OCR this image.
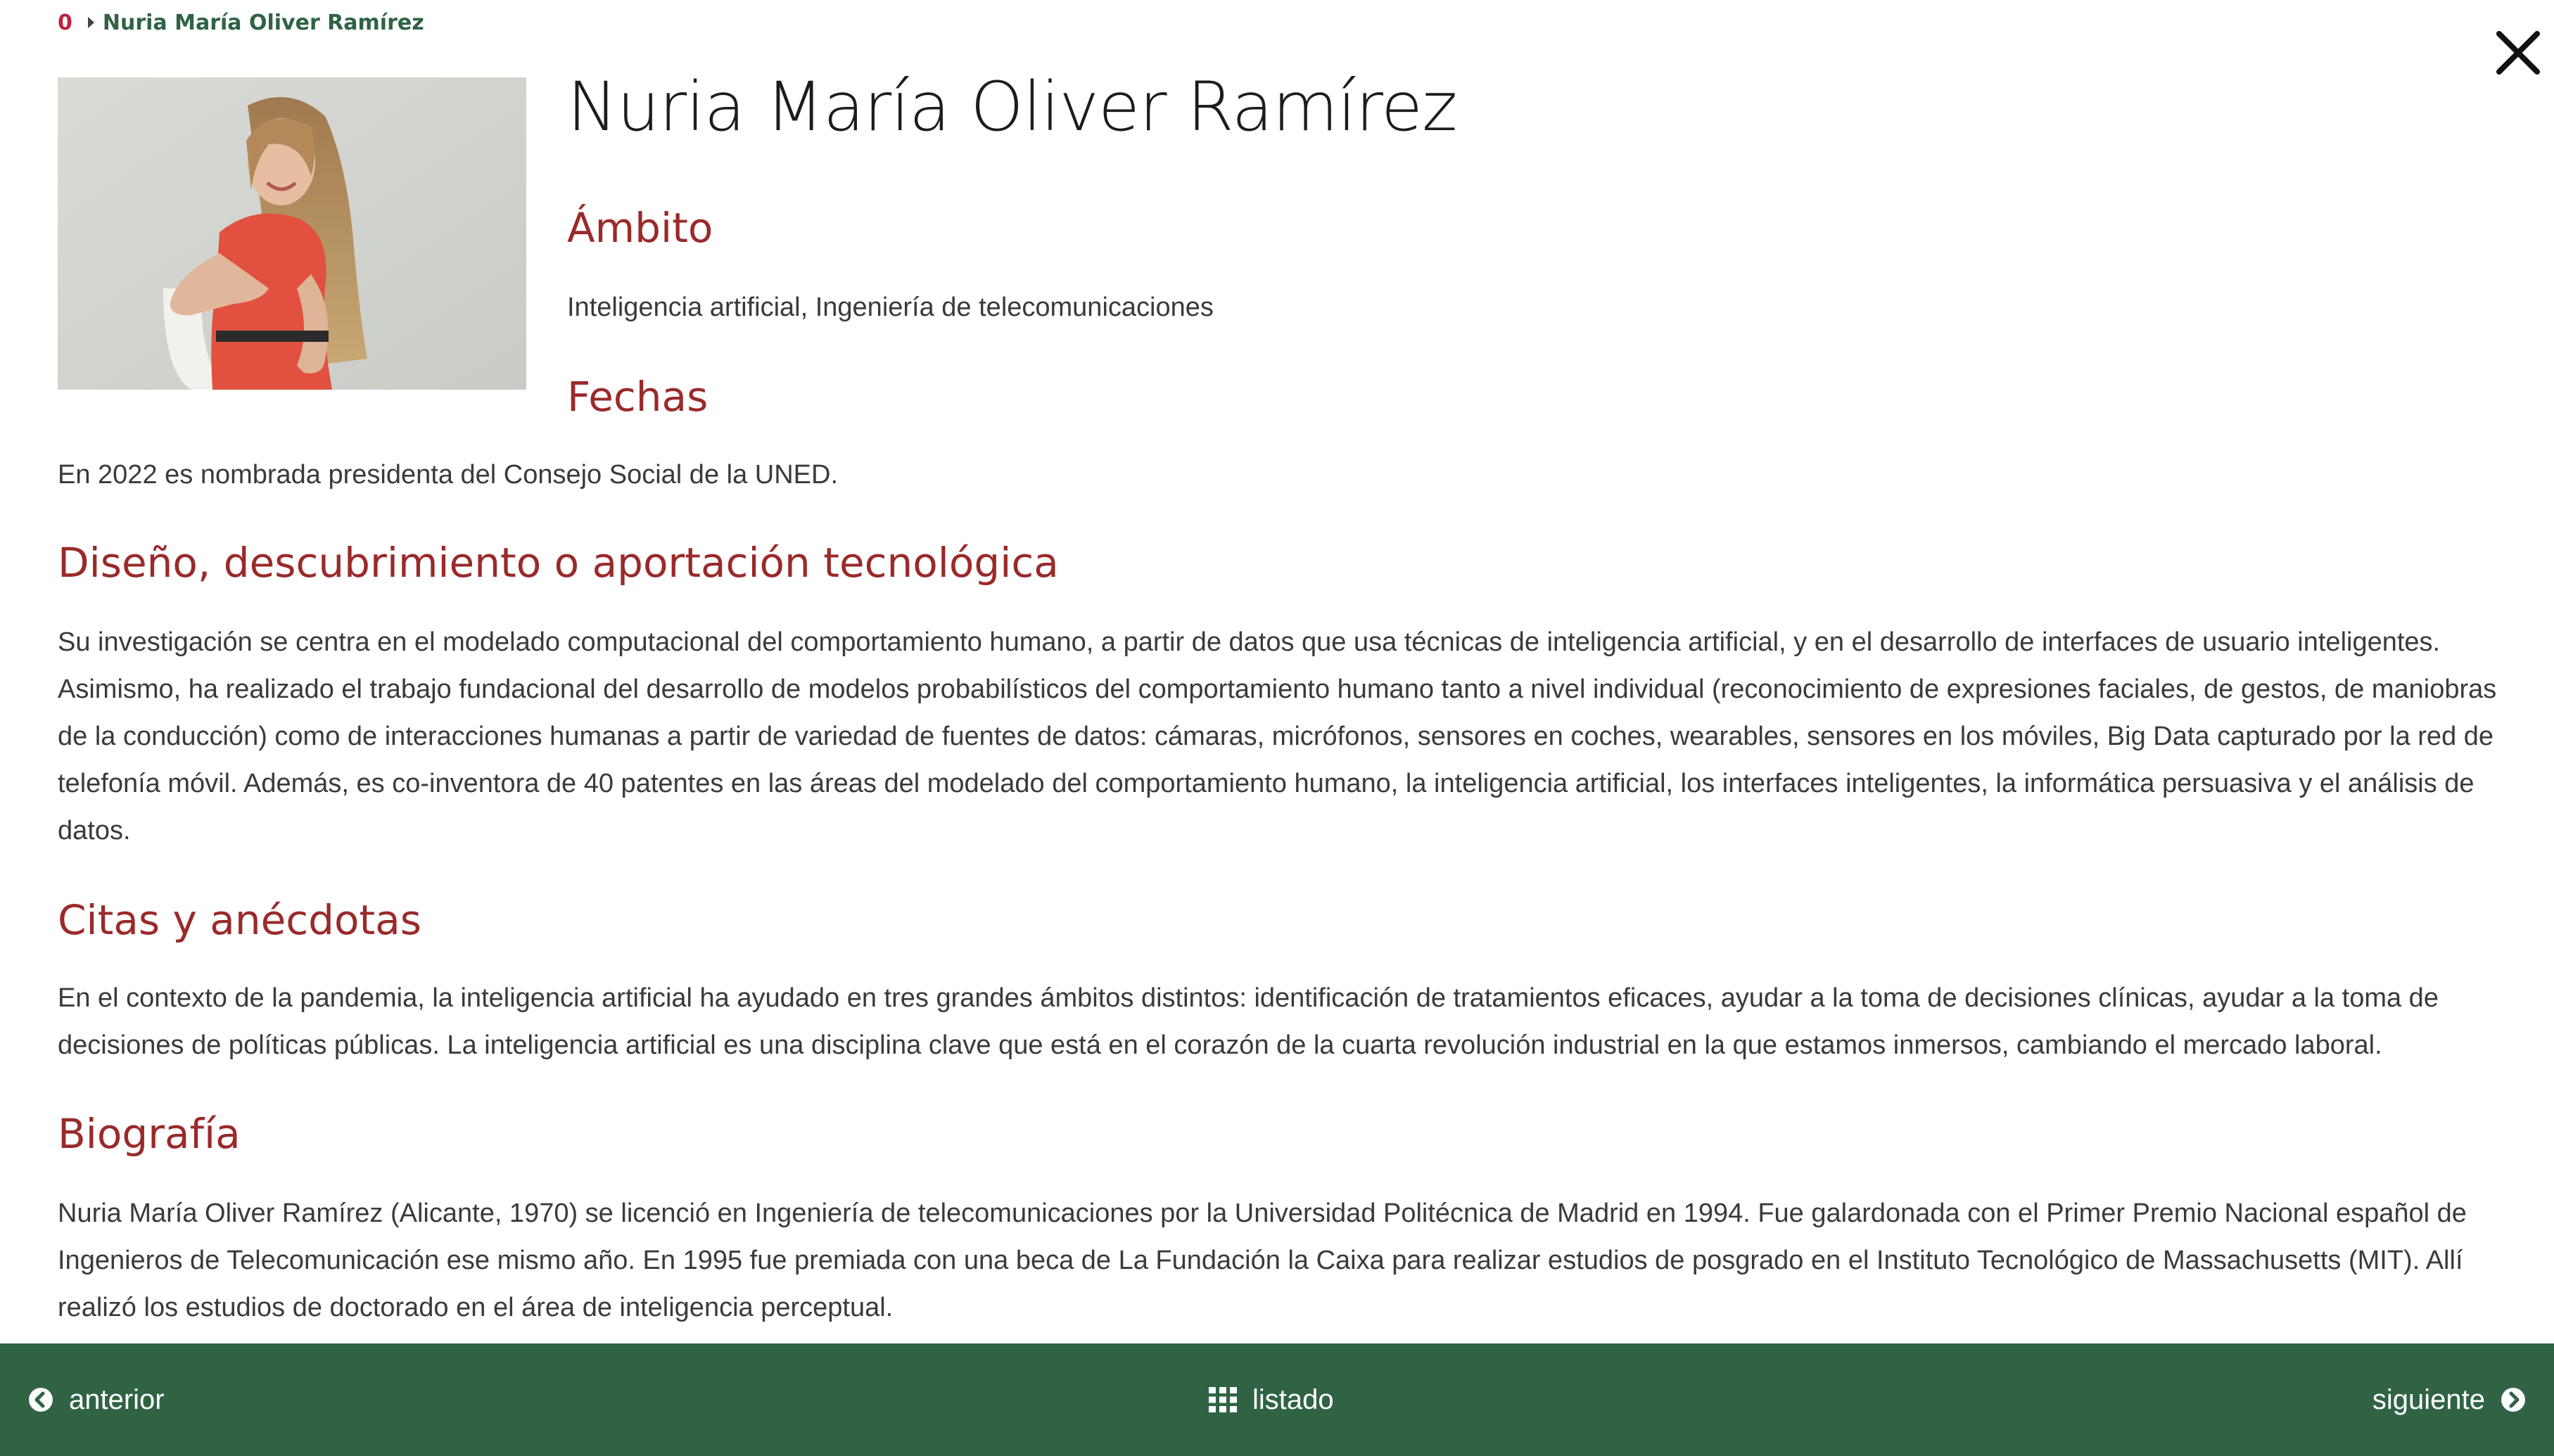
0 Nuria María Oliver Ramírez
Nuria María Oliver Ramírez
Ámbito

Inteligencia artificial, Ingeniería de telecomunicaciones

Fechas

En 2022 es nombrada presidenta del Consejo Social de la UNED.

Diseño, descubrimiento o aportación tecnológica

Su investigación se centra en el modelado computacional del comportamiento humano, a partir de datos que usa técnicas de inteligencia artificial, y en el desarrollo de interfaces de usuario inteligentes. Asimismo, ha realizado el trabajo fundacional del desarrollo de modelos probabilísticos del comportamiento humano tanto a nivel individual (reconocimiento de expresiones faciales, de gestos, de maniobras de la conducción) como de interacciones humanas a partir de variedad de fuentes de datos: cámaras, micrófonos, sensores en coches, wearables, sensores en los móviles, Big Data capturado por la red de telefonía móvil. Además, es co-inventora de 40 patentes en las áreas del modelado del comportamiento humano, la inteligencia artificial, los interfaces inteligentes, la informática persuasiva y el análisis de datos.

Citas y anécdotas

En el contexto de la pandemia, la inteligencia artificial ha ayudado en tres grandes ámbitos distintos: identificación de tratamientos eficaces, ayudar a la toma de decisiones clínicas, ayudar a la toma de decisiones de políticas públicas. La inteligencia artificial es una disciplina clave que está en el corazón de la cuarta revolución industrial en la que estamos inmersos, cambiando el mercado laboral.

Biografía

Nuria María Oliver Ramírez (Alicante, 1970) se licenció en Ingeniería de telecomunicaciones por la Universidad Politécnica de Madrid en 1994. Fue galardonada con el Primer Premio Nacional español de Ingenieros de Telecomunicación ese mismo año. En 1995 fue premiada con una beca de La Fundación la Caixa para realizar estudios de posgrado en el Instituto Tecnológico de Massachusetts (MIT). Allí realizó los estudios de doctorado en el área de inteligencia perceptual.

anterior	listado	siguiente
